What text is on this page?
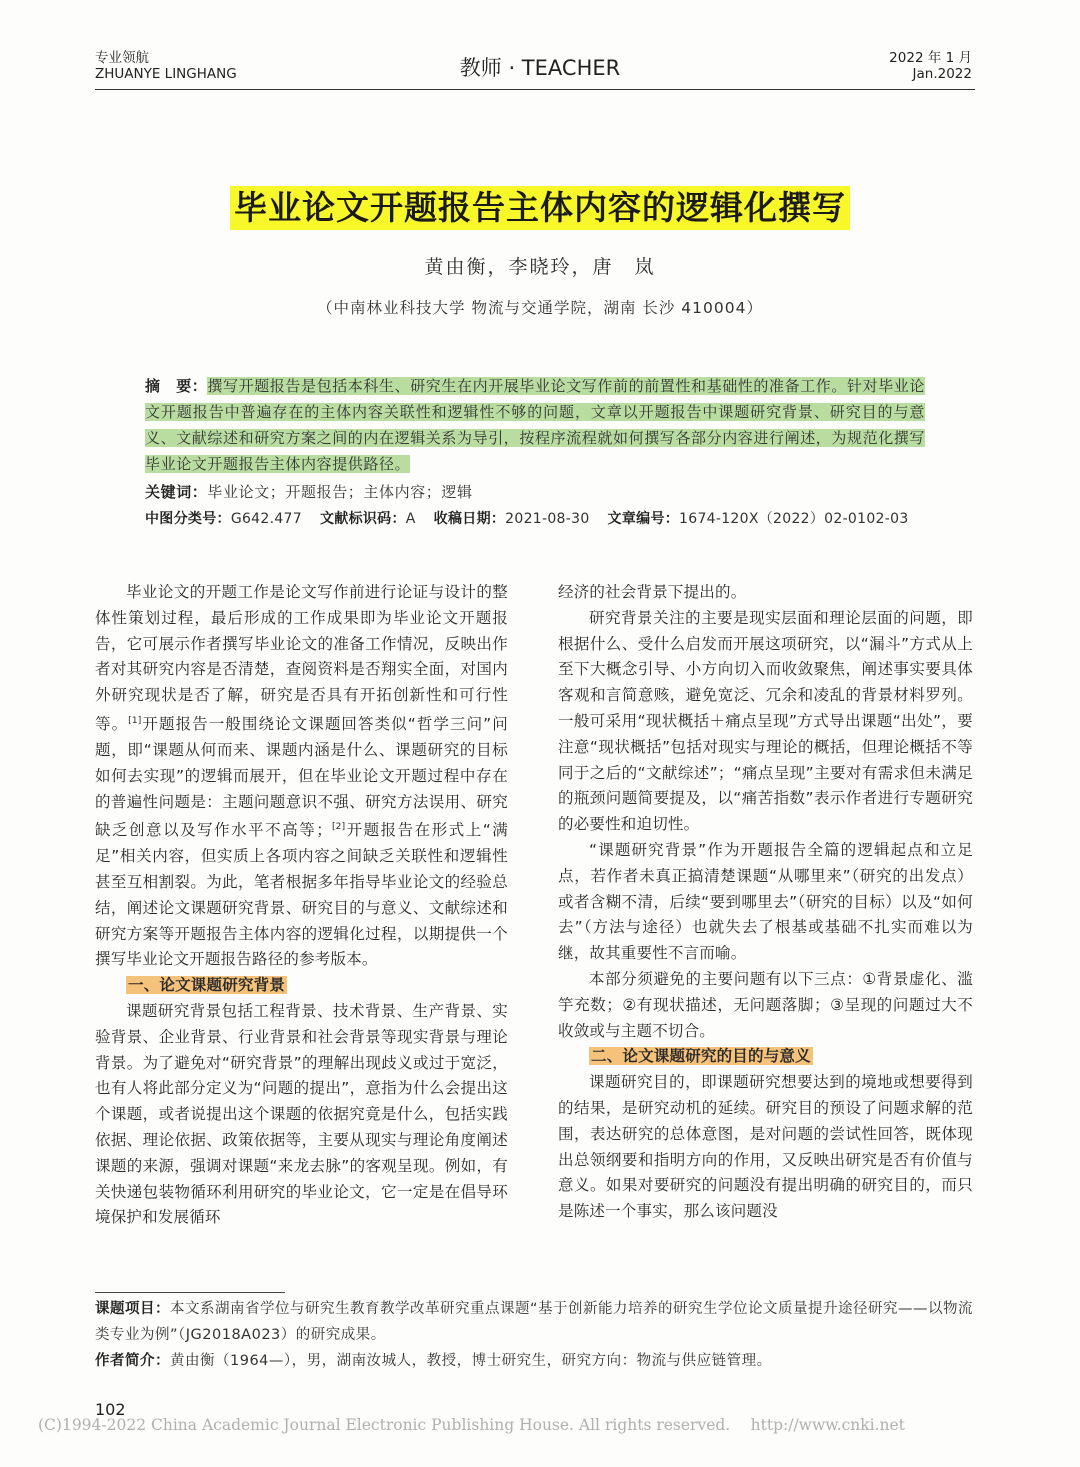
专业领航
ZHUANYE LINGHANG	教师 · TEACHER	2022 年 1 月
Jan.2022
毕业论文开题报告主体内容的逻辑化撰写
黄由衡，李晓玲，唐　岚
（中南林业科技大学 物流与交通学院，湖南 长沙 410004）
摘　要：撰写开题报告是包括本科生、研究生在内开展毕业论文写作前的前置性和基础性的准备工作。针对毕业论文开题报告中普遍存在的主体内容关联性和逻辑性不够的问题，文章以开题报告中课题研究背景、研究目的与意义、文献综述和研究方案之间的内在逻辑关系为导引，按程序流程就如何撰写各部分内容进行阐述，为规范化撰写毕业论文开题报告主体内容提供路径。
关键词：毕业论文；开题报告；主体内容；逻辑
中图分类号：G642.477 文献标识码：A 收稿日期：2021-08-30 文章编号：1674-120X（2022）02-0102-03

毕业论文的开题工作是论文写作前进行论证与设计的整体性策划过程，最后形成的工作成果即为毕业论文开题报告，它可展示作者撰写毕业论文的准备工作情况，反映出作者对其研究内容是否清楚，查阅资料是否翔实全面，对国内外研究现状是否了解，研究是否具有开拓创新性和可行性等。[1]开题报告一般围绕论文课题回答类似“哲学三问”问题，即“课题从何而来、课题内涵是什么、课题研究的目标如何去实现”的逻辑而展开，但在毕业论文开题过程中存在的普遍性问题是：主题问题意识不强、研究方法误用、研究缺乏创意以及写作水平不高等；[2]开题报告在形式上“满足”相关内容，但实质上各项内容之间缺乏关联性和逻辑性甚至互相割裂。为此，笔者根据多年指导毕业论文的经验总结，阐述论文课题研究背景、研究目的与意义、文献综述和研究方案等开题报告主体内容的逻辑化过程，以期提供一个撰写毕业论文开题报告路径的参考版本。

一、论文课题研究背景

课题研究背景包括工程背景、技术背景、生产背景、实验背景、企业背景、行业背景和社会背景等现实背景与理论背景。为了避免对“研究背景”的理解出现歧义或过于宽泛，也有人将此部分定义为“问题的提出”，意指为什么会提出这个课题，或者说提出这个课题的依据究竟是什么，包括实践依据、理论依据、政策依据等，主要从现实与理论角度阐述课题的来源，强调对课题“来龙去脉”的客观呈现。例如，有关快递包装物循环利用研究的毕业论文，它一定是在倡导环境保护和发展循环

经济的社会背景下提出的。

研究背景关注的主要是现实层面和理论层面的问题，即根据什么、受什么启发而开展这项研究，以“漏斗”方式从上至下大概念引导、小方向切入而收敛聚焦，阐述事实要具体客观和言简意赅，避免宽泛、冗余和凌乱的背景材料罗列。一般可采用“现状概括＋痛点呈现”方式导出课题“出处”，要注意“现状概括”包括对现实与理论的概括，但理论概括不等同于之后的“文献综述”；“痛点呈现”主要对有需求但未满足的瓶颈问题简要提及，以“痛苦指数”表示作者进行专题研究的必要性和迫切性。

“课题研究背景”作为开题报告全篇的逻辑起点和立足点，若作者未真正搞清楚课题“从哪里来”（研究的出发点）或者含糊不清，后续“要到哪里去”（研究的目标）以及“如何去”（方法与途径）也就失去了根基或基础不扎实而难以为继，故其重要性不言而喻。

本部分须避免的主要问题有以下三点：①背景虚化、滥竽充数；②有现状描述，无问题落脚；③呈现的问题过大不收敛或与主题不切合。

二、论文课题研究的目的与意义

课题研究目的，即课题研究想要达到的境地或想要得到的结果，是研究动机的延续。研究目的预设了问题求解的范围，表达研究的总体意图，是对问题的尝试性回答，既体现出总领纲要和指明方向的作用，又反映出研究是否有价值与意义。如果对要研究的问题没有提出明确的研究目的，而只是陈述一个事实，那么该问题没

课题项目：本文系湖南省学位与研究生教育教学改革研究重点课题“基于创新能力培养的研究生学位论文质量提升途径研究——以物流类专业为例”（JG2018A023）的研究成果。

作者简介：黄由衡（1964—），男，湖南汝城人，教授，博士研究生，研究方向：物流与供应链管理。

102
(C)1994-2022 China Academic Journal Electronic Publishing House. All rights reserved.　 http://www.cnki.net
